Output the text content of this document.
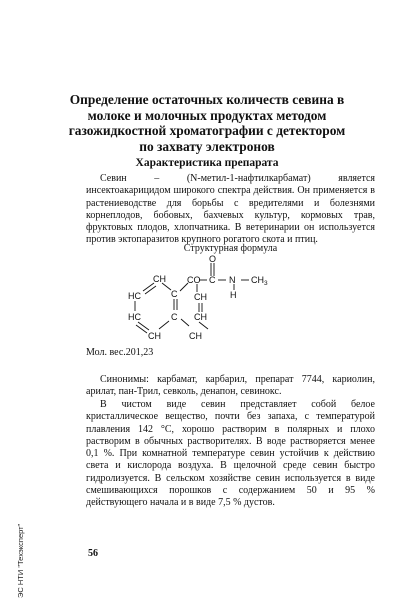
Определение остаточных количеств севина в молоке и молочных продуктах методом газожидкостной хроматографии с детектором по захвату электронов
Характеристика препарата

Севин – (N-метил-1-нафтилкарбамат) является инсектоакарицидом широкого спектра действия. Он применяется в растениеводстве для борьбы с вредителями и болезнями корнеплодов, бобовых, бахчевых культур, кормовых трав, фруктовых плодов, хлопчатника. В ветеринарии он используется против эктопаразитов крупного рогатого скота и птиц.

Структурная формула
O
CO C N $CH_3$
H
CH
C CH
HC
HC	C CH
CH	CH
Мол. вес.201,23

Синонимы: карбамат, карбарил, препарат 7744, кариолин, арилат, пан-Трил, севколь, денапон, севинокс.

В чистом виде севин представляет собой белое кристаллическое вещество, почти без запаха, с температурой плавления 142 °С, хорошо растворим в полярных и плохо растворим в обычных растворителях. В воде растворяется менее 0,1 %. При комнатной температуре севин устойчив к действию света и кислорода воздуха. В щелочной среде севин быстро гидролизуется. В сельском хозяйстве севин используется в виде смешивающихся порошков с содержанием 50 и 95 % действующего начала и в виде 7,5 % дустов.

56
ЭС НТИ "Техэксперт"
